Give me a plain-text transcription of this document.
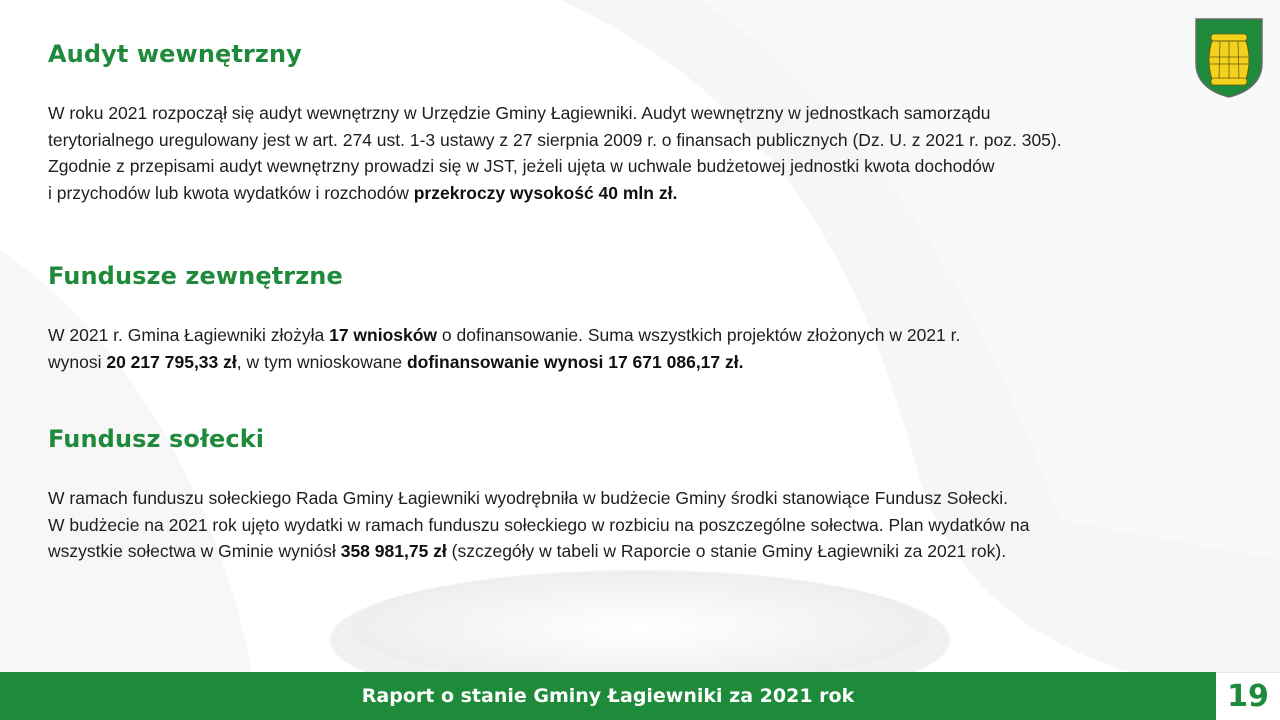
Audyt wewnętrzny

W roku 2021 rozpoczął się audyt wewnętrzny w Urzędzie Gminy Łagiewniki. Audyt wewnętrzny w jednostkach samorządu
terytorialnego uregulowany jest w art. 274 ust. 1-3 ustawy z 27 sierpnia 2009 r. o finansach publicznych (Dz. U. z 2021 r. poz. 305).
Zgodnie z przepisami audyt wewnętrzny prowadzi się w JST, jeżeli ujęta w uchwale budżetowej jednostki kwota dochodów
i przychodów lub kwota wydatków i rozchodów przekroczy wysokość 40 mln zł.

Fundusze zewnętrzne

W 2021 r. Gmina Łagiewniki złożyła 17 wniosków o dofinansowanie. Suma wszystkich projektów złożonych w 2021 r.
wynosi 20 217 795,33 zł, w tym wnioskowane dofinansowanie wynosi 17 671 086,17 zł.

Fundusz sołecki

W ramach funduszu sołeckiego Rada Gminy Łagiewniki wyodrębniła w budżecie Gminy środki stanowiące Fundusz Sołecki.
W budżecie na 2021 rok ujęto wydatki w ramach funduszu sołeckiego w rozbiciu na poszczególne sołectwa. Plan wydatków na
wszystkie sołectwa w Gminie wyniósł 358 981,75 zł (szczegóły w tabeli w Raporcie o stanie Gminy Łagiewniki za 2021 rok).

Raport o stanie Gminy Łagiewniki za 2021 rok	19
